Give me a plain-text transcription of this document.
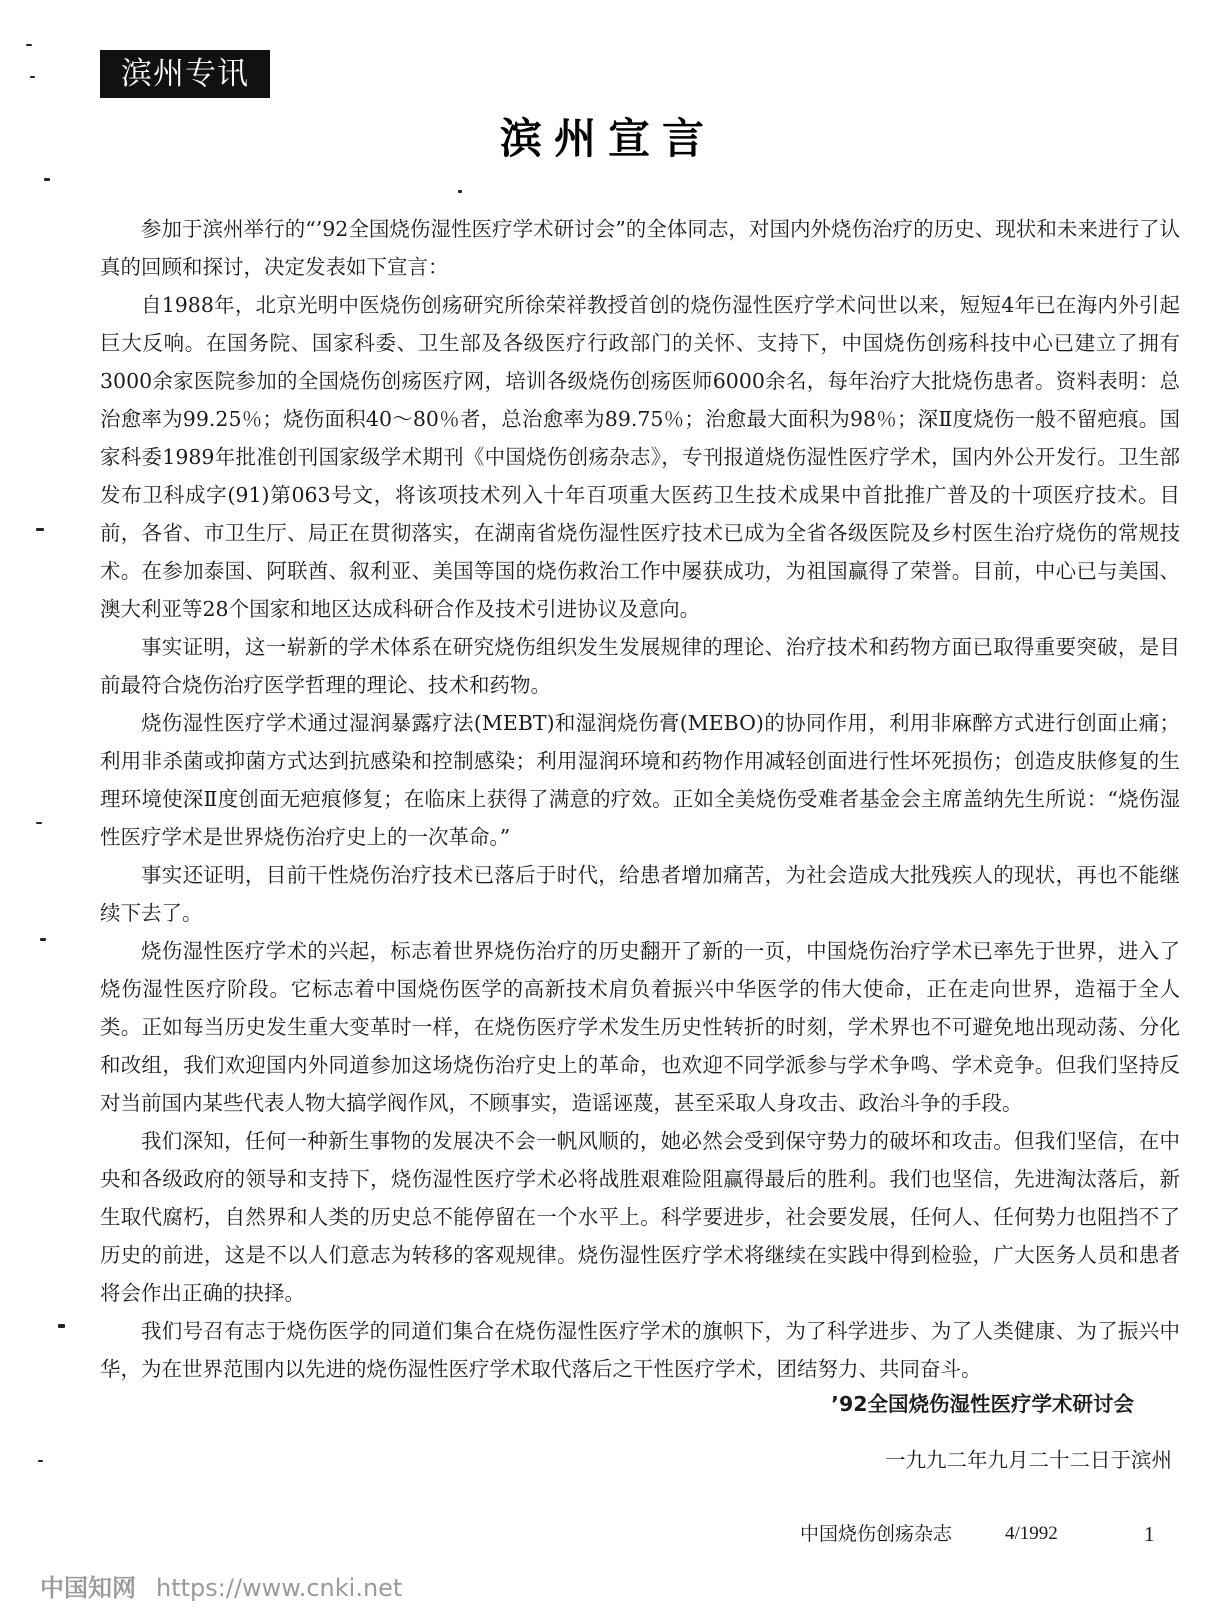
滨州专讯
滨州宣言

参加于滨州举行的“’92全国烧伤湿性医疗学术研讨会”的全体同志，对国内外烧伤治疗的历史、现状和未来进行了认真的回顾和探讨，决定发表如下宣言：

自1988年，北京光明中医烧伤创疡研究所徐荣祥教授首创的烧伤湿性医疗学术问世以来，短短4年已在海内外引起巨大反响。在国务院、国家科委、卫生部及各级医疗行政部门的关怀、支持下，中国烧伤创疡科技中心已建立了拥有3000余家医院参加的全国烧伤创疡医疗网，培训各级烧伤创疡医师6000余名，每年治疗大批烧伤患者。资料表明：总治愈率为99.25％；烧伤面积40～80％者，总治愈率为89.75％；治愈最大面积为98％；深Ⅱ度烧伤一般不留疤痕。国家科委1989年批准创刊国家级学术期刊《中国烧伤创疡杂志》，专刊报道烧伤湿性医疗学术，国内外公开发行。卫生部发布卫科成字(91)第063号文，将该项技术列入十年百项重大医药卫生技术成果中首批推广普及的十项医疗技术。目前，各省、市卫生厅、局正在贯彻落实，在湖南省烧伤湿性医疗技术已成为全省各级医院及乡村医生治疗烧伤的常规技术。在参加泰国、阿联酋、叙利亚、美国等国的烧伤救治工作中屡获成功，为祖国赢得了荣誉。目前，中心已与美国、澳大利亚等28个国家和地区达成科研合作及技术引进协议及意向。

事实证明，这一崭新的学术体系在研究烧伤组织发生发展规律的理论、治疗技术和药物方面已取得重要突破，是目前最符合烧伤治疗医学哲理的理论、技术和药物。

烧伤湿性医疗学术通过湿润暴露疗法(MEBT)和湿润烧伤膏(MEBO)的协同作用，利用非麻醉方式进行创面止痛；利用非杀菌或抑菌方式达到抗感染和控制感染；利用湿润环境和药物作用减轻创面进行性坏死损伤；创造皮肤修复的生理环境使深Ⅱ度创面无疤痕修复；在临床上获得了满意的疗效。正如全美烧伤受难者基金会主席盖纳先生所说：“烧伤湿性医疗学术是世界烧伤治疗史上的一次革命。”

事实还证明，目前干性烧伤治疗技术已落后于时代，给患者增加痛苦，为社会造成大批残疾人的现状，再也不能继续下去了。

烧伤湿性医疗学术的兴起，标志着世界烧伤治疗的历史翻开了新的一页，中国烧伤治疗学术已率先于世界，进入了烧伤湿性医疗阶段。它标志着中国烧伤医学的高新技术肩负着振兴中华医学的伟大使命，正在走向世界，造福于全人类。正如每当历史发生重大变革时一样，在烧伤医疗学术发生历史性转折的时刻，学术界也不可避免地出现动荡、分化和改组，我们欢迎国内外同道参加这场烧伤治疗史上的革命，也欢迎不同学派参与学术争鸣、学术竞争。但我们坚持反对当前国内某些代表人物大搞学阀作风，不顾事实，造谣诬蔑，甚至采取人身攻击、政治斗争的手段。

我们深知，任何一种新生事物的发展决不会一帆风顺的，她必然会受到保守势力的破坏和攻击。但我们坚信，在中央和各级政府的领导和支持下，烧伤湿性医疗学术必将战胜艰难险阻赢得最后的胜利。我们也坚信，先进淘汰落后，新生取代腐朽，自然界和人类的历史总不能停留在一个水平上。科学要进步，社会要发展，任何人、任何势力也阻挡不了历史的前进，这是不以人们意志为转移的客观规律。烧伤湿性医疗学术将继续在实践中得到检验，广大医务人员和患者将会作出正确的抉择。

我们号召有志于烧伤医学的同道们集合在烧伤湿性医疗学术的旗帜下，为了科学进步、为了人类健康、为了振兴中华，为在世界范围内以先进的烧伤湿性医疗学术取代落后之干性医疗学术，团结努力、共同奋斗。

’92全国烧伤湿性医疗学术研讨会

一九九二年九月二十二日于滨州

中国烧伤创疡杂志	4/1992	1
中国知网 https://www.cnki.net
